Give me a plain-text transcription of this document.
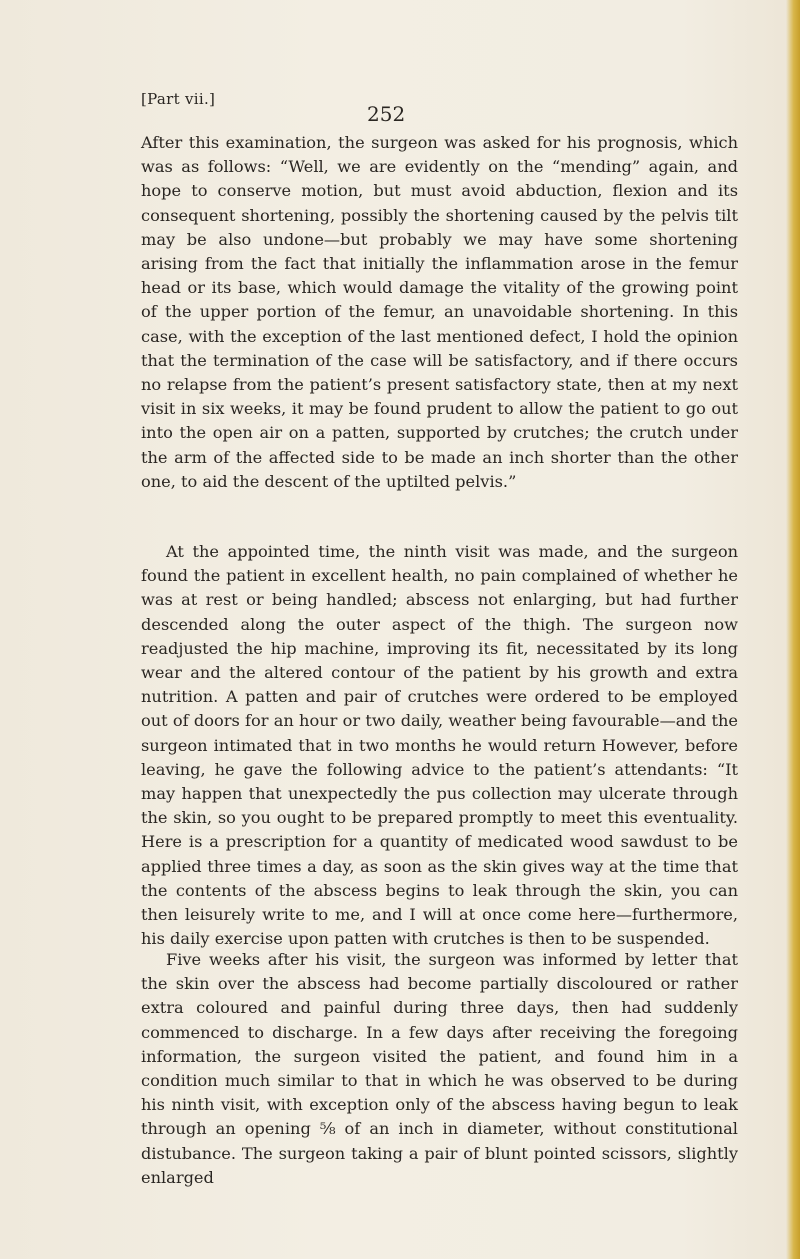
[Part vii.]
252

After this examination, the surgeon was asked for his prognosis, which was as follows: “Well, we are evidently on the “mending” again, and hope to conserve motion, but must avoid abduction, flexion and its consequent shortening, possibly the shortening caused by the pelvis tilt may be also undone—but probably we may have some shortening arising from the fact that initially the inflammation arose in the femur head or its base, which would damage the vitality of the growing point of the upper portion of the femur, an unavoidable shortening. In this case, with the exception of the last mentioned defect, I hold the opinion that the termination of the case will be satisfactory, and if there occurs no relapse from the patient’s present satisfactory state, then at my next visit in six weeks, it may be found prudent to allow the patient to go out into the open air on a patten, supported by crutches; the crutch under the arm of the affected side to be made an inch shorter than the other one, to aid the descent of the uptilted pelvis.”

At the appointed time, the ninth visit was made, and the surgeon found the patient in excellent health, no pain complained of whether he was at rest or being handled; abscess not enlarging, but had further descended along the outer aspect of the thigh. The surgeon now readjusted the hip machine, improving its fit, necessitated by its long wear and the altered contour of the patient by his growth and extra nutrition. A patten and pair of crutches were ordered to be employed out of doors for an hour or two daily, weather being favourable—and the surgeon intimated that in two months he would return However, before leaving, he gave the following advice to the patient’s attendants: “It may happen that unexpectedly the pus collection may ulcerate through the skin, so you ought to be prepared promptly to meet this eventuality. Here is a prescription for a quantity of medicated wood sawdust to be applied three times a day, as soon as the skin gives way at the time that the contents of the abscess begins to leak through the skin, you can then leisurely write to me, and I will at once come here—furthermore, his daily exercise upon patten with crutches is then to be suspended.

Five weeks after his visit, the surgeon was informed by letter that the skin over the abscess had become partially discoloured or rather extra coloured and painful during three days, then had suddenly commenced to discharge. In a few days after receiving the foregoing information, the surgeon visited the patient, and found him in a condition much similar to that in which he was observed to be during his ninth visit, with exception only of the abscess having begun to leak through an opening ⅝ of an inch in diameter, without constitutional distubance. The surgeon taking a pair of blunt pointed scissors, slightly enlarged
